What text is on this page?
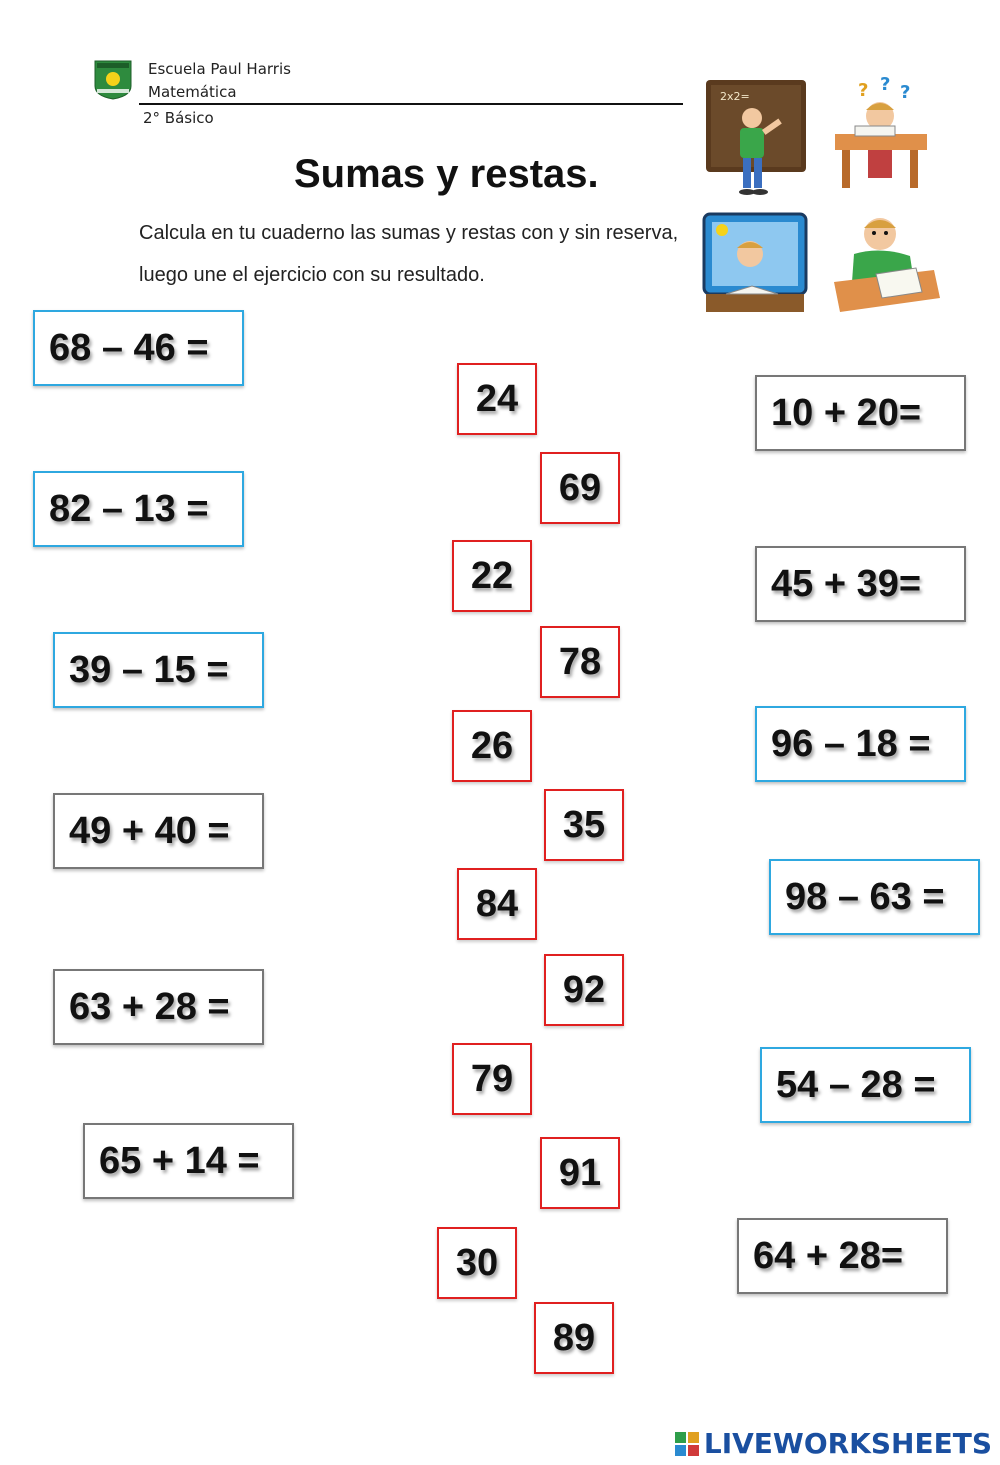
Escuela Paul Harris
Matemática
2° Básico
Sumas y restas.
Calcula en tu cuaderno las sumas y restas con y sin reserva, luego une el ejercicio con su resultado.
2x2=	? ? ?
68 – 46 =
82 – 13 =
39 – 15 =
49 + 40 =
63 + 28 =
65 + 14 =
10 + 20=
45 + 39=
96 – 18 =
98 – 63 =
54 – 28 =
64 + 28=
24
69
22
78
26
35
84
92
79
91
30
89
LIVEWORKSHEETS
